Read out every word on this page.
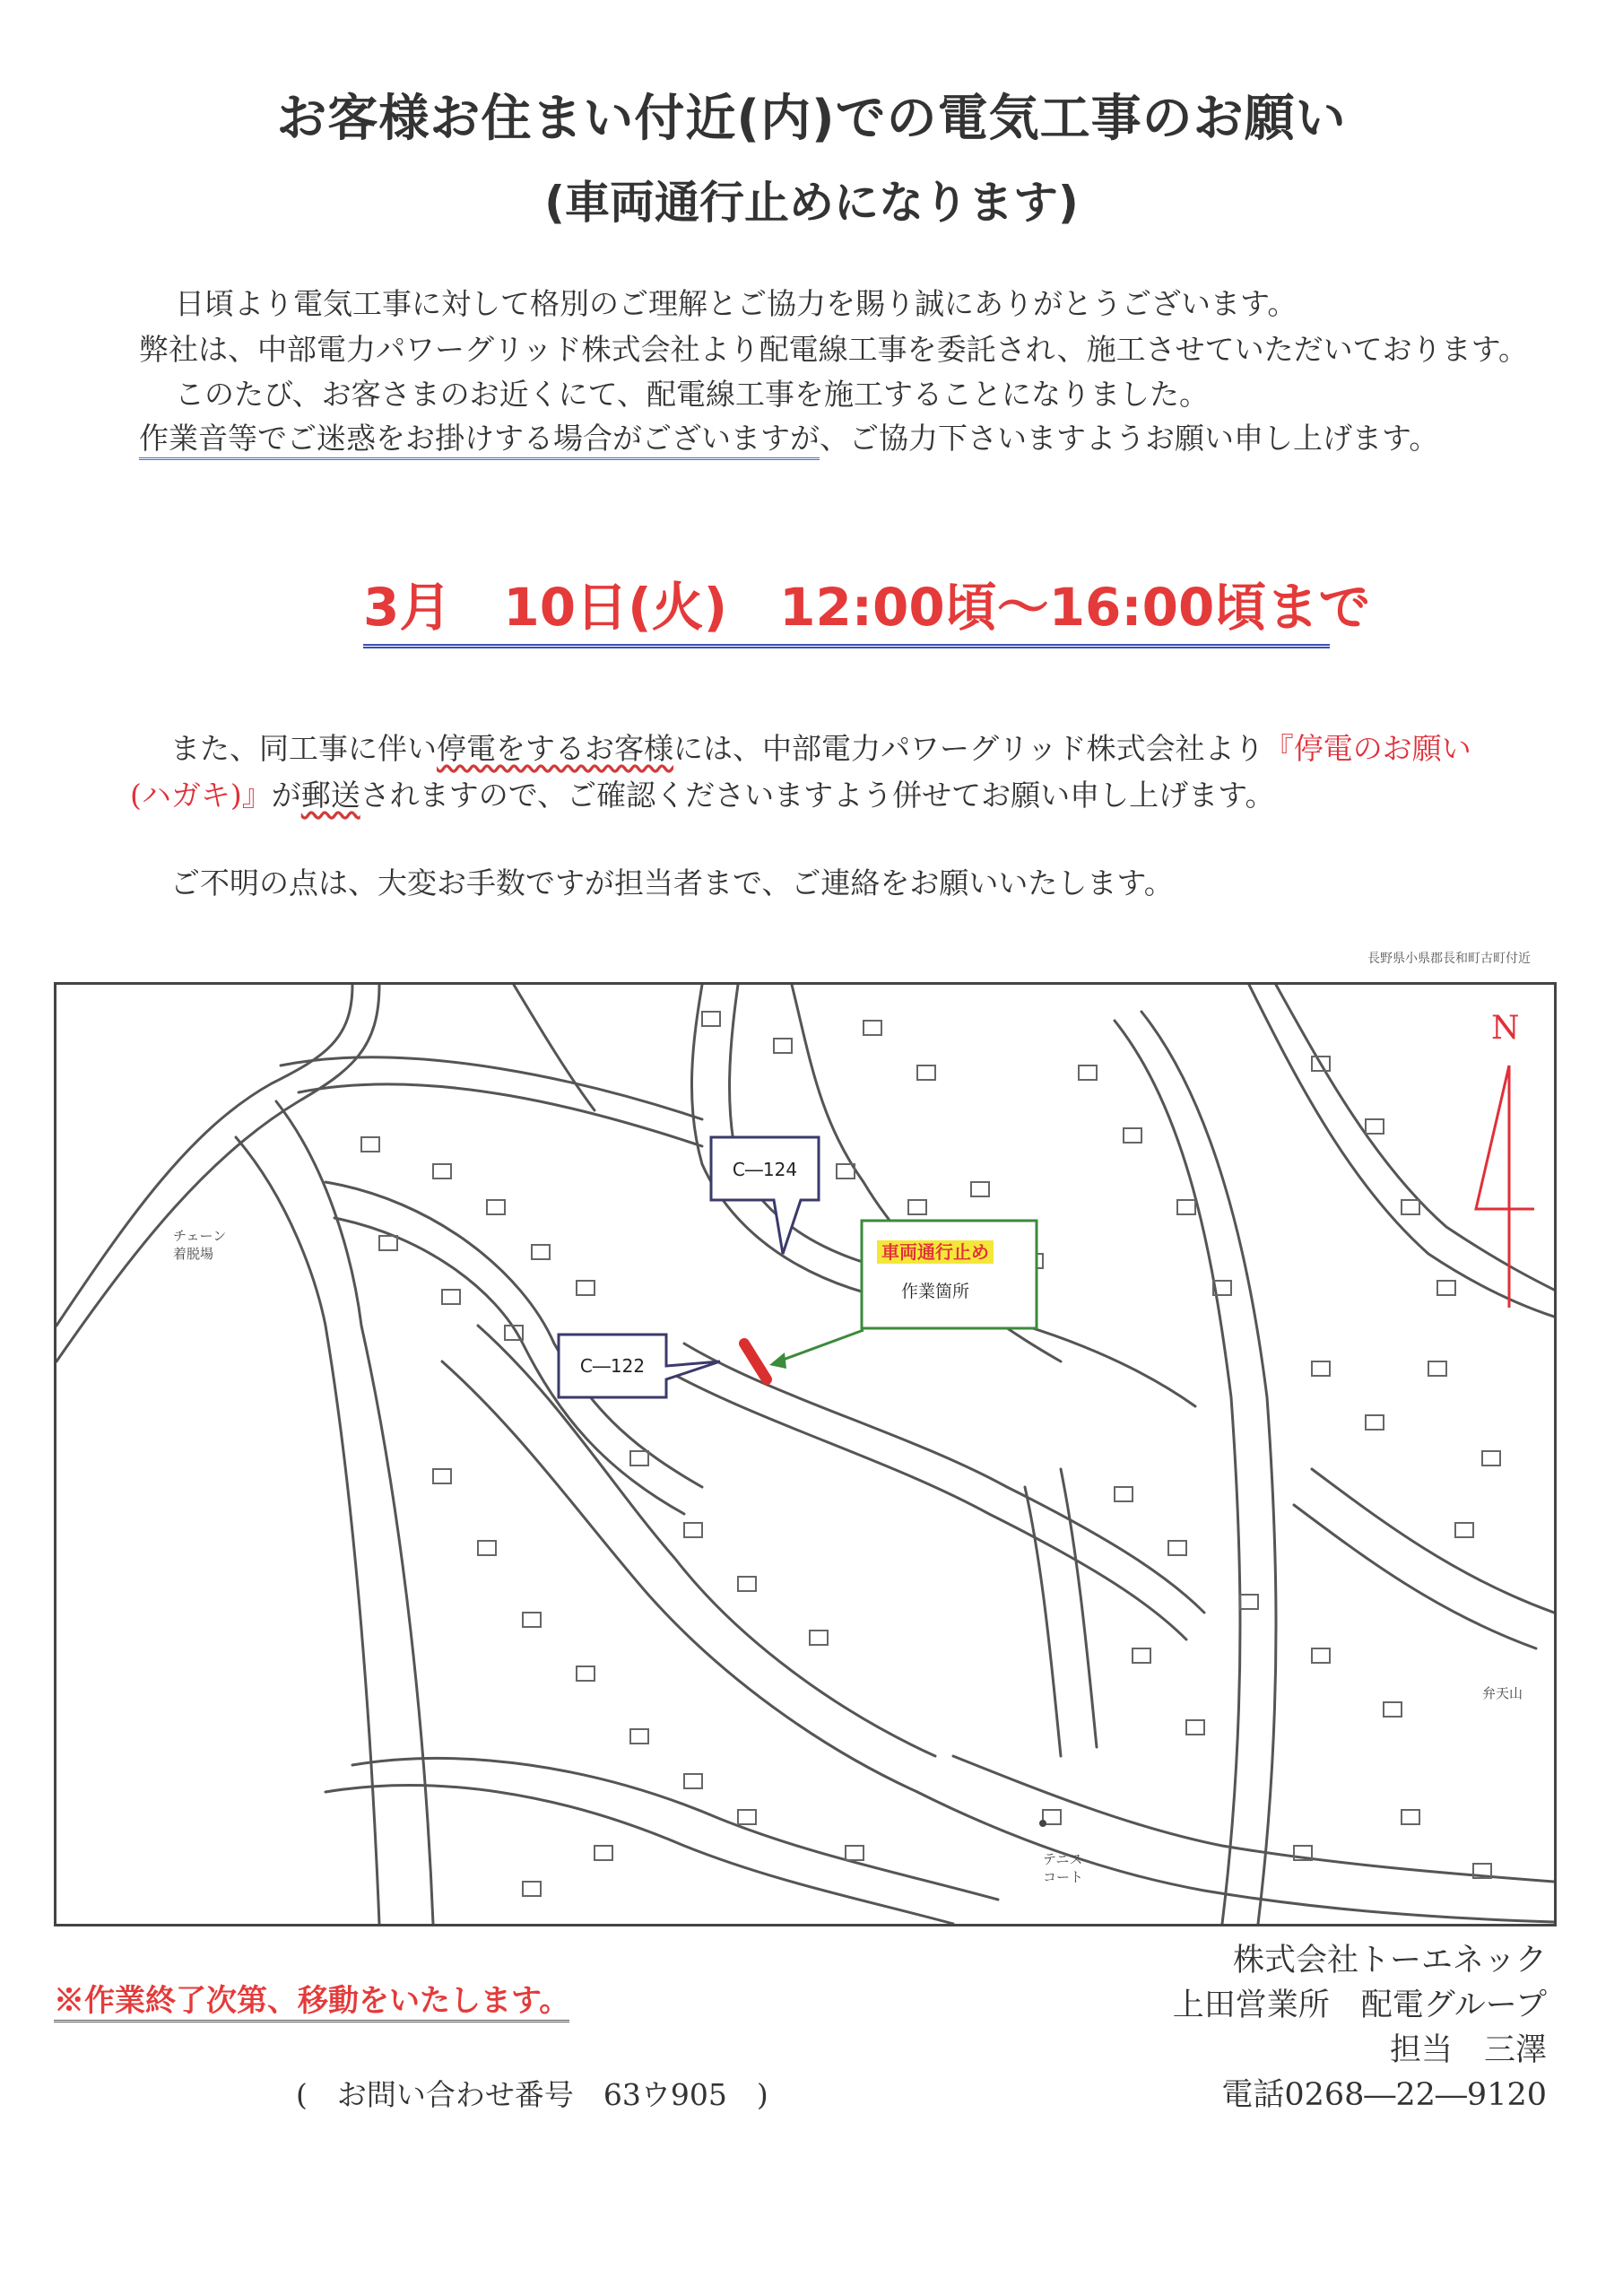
お客様お住まい付近(内)での電気工事のお願い
(車両通行止めになります)
日頃より電気工事に対して格別のご理解とご協力を賜り誠にありがとうございます。
弊社は、中部電力パワーグリッド株式会社より配電線工事を委託され、施工させていただいております。
このたび、お客さまのお近くにて、配電線工事を施工することになりました。
作業音等でご迷惑をお掛けする場合がございますが、ご協力下さいますようお願い申し上げます。
3月　10日(火)　12:00頃〜16:00頃まで
また、同工事に伴い停電をするお客様には、中部電力パワーグリッド株式会社より『停電のお願い
(ハガキ)』が郵送されますので、ご確認くださいますよう併せてお願い申し上げます。
ご不明の点は、大変お手数ですが担当者まで、ご連絡をお願いいたします。
長野県小県郡長和町古町付近
チェーン
着脱場
テニス
コート
弁天山
N
C―124
C―122
車両通行止め
作業箇所
※作業終了次第、移動をいたします。
(　お問い合わせ番号　63ウ905　)
株式会社トーエネック
上田営業所　配電グループ
担当　三澤
電話0268―22―9120
